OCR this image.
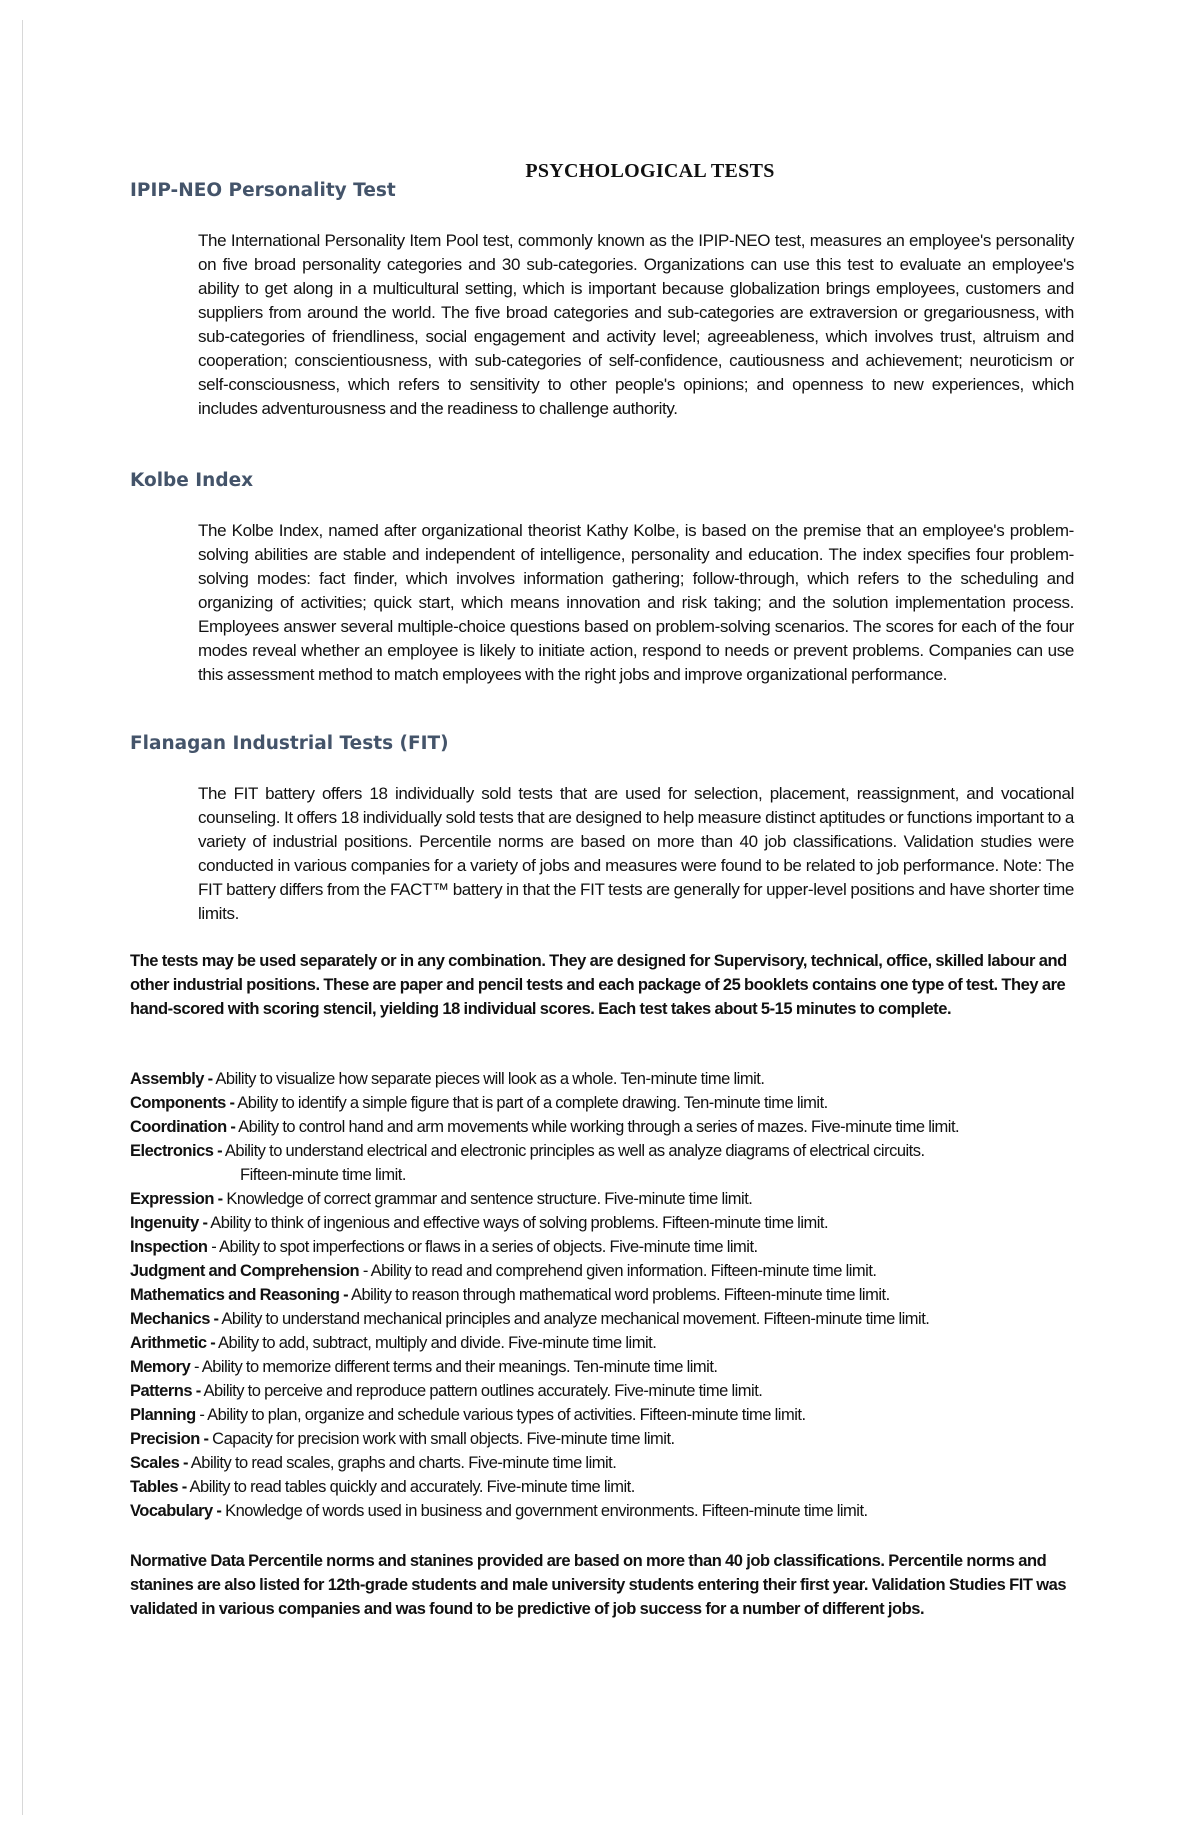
PSYCHOLOGICAL TESTS
IPIP-NEO Personality Test

The International Personality Item Pool test, commonly known as the IPIP-NEO test, measures an employee's personality on five broad personality categories and 30 sub-categories. Organizations can use this test to evaluate an employee's ability to get along in a multicultural setting, which is important because globalization brings employees, customers and suppliers from around the world. The five broad categories and sub-categories are extraversion or gregariousness, with sub-categories of friendliness, social engagement and activity level; agreeableness, which involves trust, altruism and cooperation; conscientiousness, with sub-categories of self-confidence, cautiousness and achievement; neuroticism or self-consciousness, which refers to sensitivity to other people's opinions; and openness to new experiences, which includes adventurousness and the readiness to challenge authority.

Kolbe Index

The Kolbe Index, named after organizational theorist Kathy Kolbe, is based on the premise that an employee's problem-solving abilities are stable and independent of intelligence, personality and education. The index specifies four problem-solving modes: fact finder, which involves information gathering; follow-through, which refers to the scheduling and organizing of activities; quick start, which means innovation and risk taking; and the solution implementation process. Employees answer several multiple-choice questions based on problem-solving scenarios. The scores for each of the four modes reveal whether an employee is likely to initiate action, respond to needs or prevent problems. Companies can use this assessment method to match employees with the right jobs and improve organizational performance.

Flanagan Industrial Tests (FIT)

The FIT battery offers 18 individually sold tests that are used for selection, placement, reassignment, and vocational counseling. It offers 18 individually sold tests that are designed to help measure distinct aptitudes or functions important to a variety of industrial positions. Percentile norms are based on more than 40 job classifications. Validation studies were conducted in various companies for a variety of jobs and measures were found to be related to job performance. Note: The FIT battery differs from the FACT™ battery in that the FIT tests are generally for upper-level positions and have shorter time limits.

The tests may be used separately or in any combination. They are designed for Supervisory, technical, office, skilled labour and other industrial positions. These are paper and pencil tests and each package of 25 booklets contains one type of test. They are hand-scored with scoring stencil, yielding 18 individual scores. Each test takes about 5-15 minutes to complete.

Assembly - Ability to visualize how separate pieces will look as a whole. Ten-minute time limit.
Components - Ability to identify a simple figure that is part of a complete drawing. Ten-minute time limit.
Coordination - Ability to control hand and arm movements while working through a series of mazes. Five-minute time limit.
Electronics - Ability to understand electrical and electronic principles as well as analyze diagrams of electrical circuits.
Fifteen-minute time limit.
Expression - Knowledge of correct grammar and sentence structure. Five-minute time limit.
Ingenuity - Ability to think of ingenious and effective ways of solving problems. Fifteen-minute time limit.
Inspection - Ability to spot imperfections or flaws in a series of objects. Five-minute time limit.
Judgment and Comprehension - Ability to read and comprehend given information. Fifteen-minute time limit.
Mathematics and Reasoning - Ability to reason through mathematical word problems. Fifteen-minute time limit.
Mechanics - Ability to understand mechanical principles and analyze mechanical movement. Fifteen-minute time limit.
Arithmetic - Ability to add, subtract, multiply and divide. Five-minute time limit.
Memory - Ability to memorize different terms and their meanings. Ten-minute time limit.
Patterns - Ability to perceive and reproduce pattern outlines accurately. Five-minute time limit.
Planning - Ability to plan, organize and schedule various types of activities. Fifteen-minute time limit.
Precision - Capacity for precision work with small objects. Five-minute time limit.
Scales - Ability to read scales, graphs and charts. Five-minute time limit.
Tables - Ability to read tables quickly and accurately. Five-minute time limit.
Vocabulary - Knowledge of words used in business and government environments. Fifteen-minute time limit.

Normative Data Percentile norms and stanines provided are based on more than 40 job classifications. Percentile norms and stanines are also listed for 12th-grade students and male university students entering their first year. Validation Studies FIT was validated in various companies and was found to be predictive of job success for a number of different jobs.
